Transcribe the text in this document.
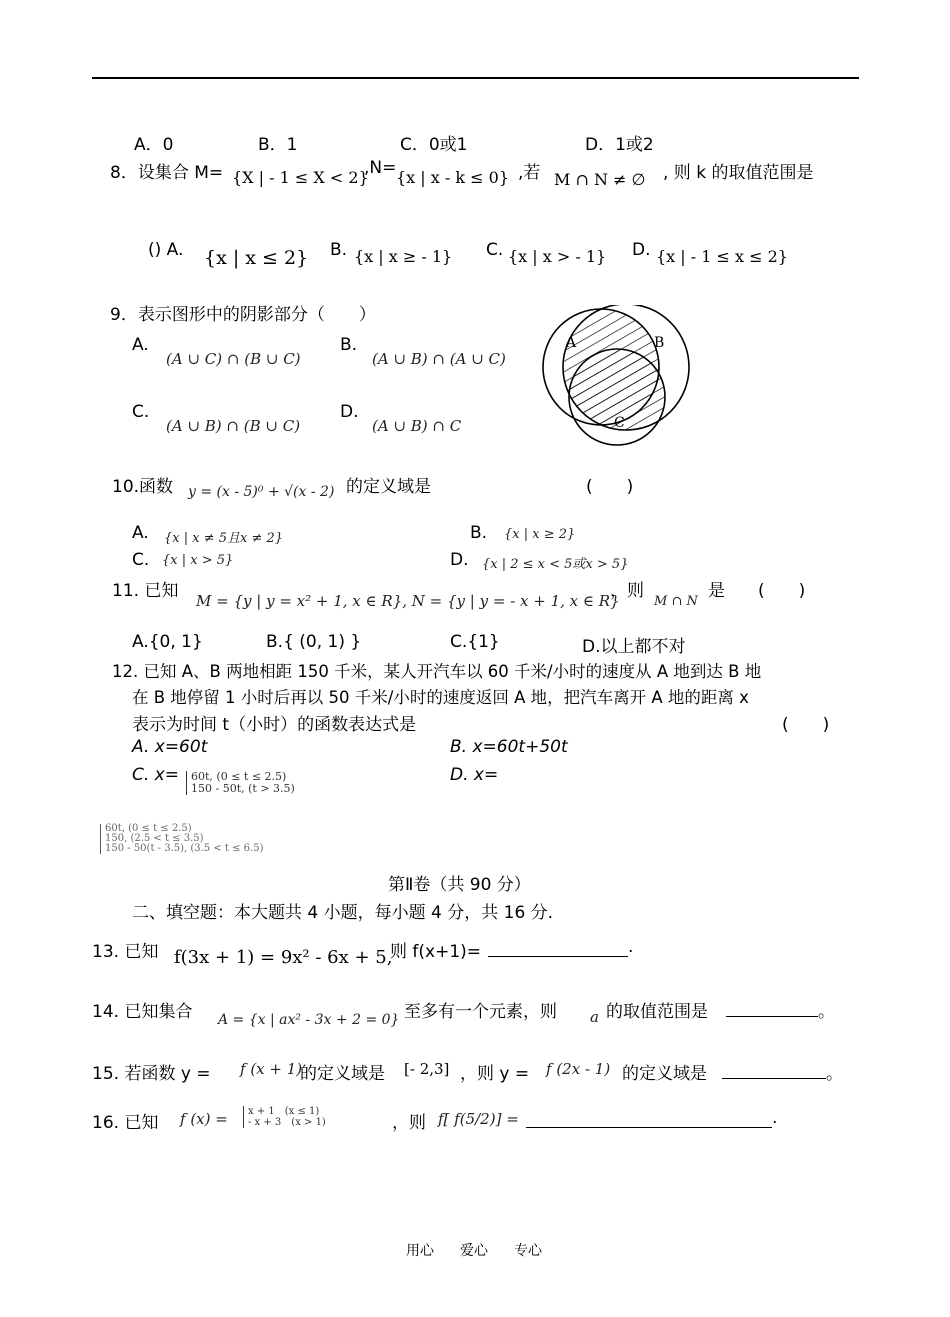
A．0	B．1	C．0或1	D．1或2
8．设集合 M= {X | - 1 ≤ X < 2}
,N= {x | x - k ≤ 0} ,若 M ∩ N ≠ ∅ , 则 k 的取值范围是
() A. {x | x ≤ 2} B. {x | x ≥ - 1} C. {x | x > - 1} D. {x | - 1 ≤ x ≤ 2}
9．表示图形中的阴影部分（　　）
A.
(A ∪ C) ∩ (B ∪ C)
B.
(A ∪ B) ∩ (A ∪ C)
C.
(A ∪ B) ∩ (B ∪ C)
D.
(A ∪ B) ∩ C
A	B
C
10.函数 y = (x - 5)⁰ + √(x - 2) 的定义域是	(　　)
A. {x | x ≠ 5且x ≠ 2}	B. {x | x ≥ 2}
C. {x | x > 5}	D. {x | 2 ≤ x < 5或x > 5}
11. 已知 M = {y | y = x² + 1, x ∈ R}, N = {y | y = - x + 1, x ∈ R}
，则
M ∩ N
是 (　　)
A.{0, 1}	B.{ (0, 1) }	C.{1}	D.以上都不对
12. 已知 A、B 两地相距 150 千米，某人开汽车以 60 千米/小时的速度从 A 地到达 B 地
在 B 地停留 1 小时后再以 50 千米/小时的速度返回 A 地，把汽车离开 A 地的距离 x
表示为时间 t（小时）的函数表达式是	(　　)
A. x=60t	B. x=60t+50t
C. x= 60t, (0 ≤ t ≤ 2.5)
150 - 50t, (t > 3.5)
D. x=
60t, (0 ≤ t ≤ 2.5)
150, (2.5 < t ≤ 3.5)
150 - 50(t - 3.5), (3.5 < t ≤ 6.5)
第Ⅱ卷（共 90 分）
二、填空题：本大题共 4 小题，每小题 4 分，共 16 分.
13. 已知 f(3x + 1) = 9x² - 6x + 5,
则 f(x+1)=	.
14. 已知集合 A = {x | ax² - 3x + 2 = 0} 至多有一个元素，则 a 的取值范围是	。
15. 若函数 y = f (x + 1)
的定义域是 [- 2,3] ，则 y = f (2x - 1) 的定义域是	。
16. 已知 f (x) = x + 1　(x ≤ 1)
- x + 3　(x > 1)	，则 f[ f(5/2)] =	.
用心 爱心 专心
